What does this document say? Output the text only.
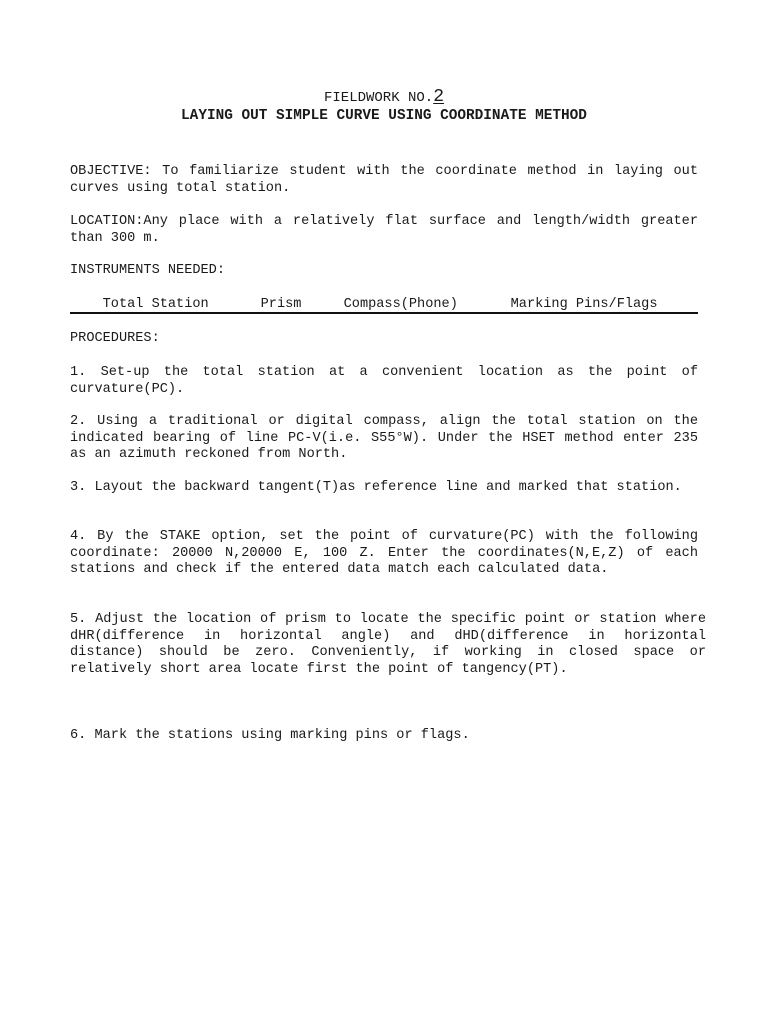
FIELDWORK NO.2
LAYING OUT SIMPLE CURVE USING COORDINATE METHOD
OBJECTIVE: To familiarize student with the coordinate method in laying out curves using total station.
LOCATION:Any place with a relatively flat surface and length/width greater than 300 m.
INSTRUMENTS NEEDED:

Total Station	Prism	Compass(Phone)	Marking Pins/Flags

PROCEDURES:
1. Set-up the total station at a convenient location as the point of curvature(PC).
2. Using a traditional or digital compass, align the total station on the indicated bearing of line PC-V(i.e. S55°W). Under the HSET method enter 235 as an azimuth reckoned from North.
3. Layout the backward tangent(T)as reference line and marked that station.
4. By the STAKE option, set the point of curvature(PC) with the following coordinate: 20000 N,20000 E, 100 Z. Enter the coordinates(N,E,Z) of each stations and check if the entered data match each calculated data.
5. Adjust the location of prism to locate the specific point or station where dHR(difference in horizontal angle) and dHD(difference in horizontal distance) should be zero. Conveniently, if working in closed space or relatively short area locate first the point of tangency(PT).
6. Mark the stations using marking pins or flags.
